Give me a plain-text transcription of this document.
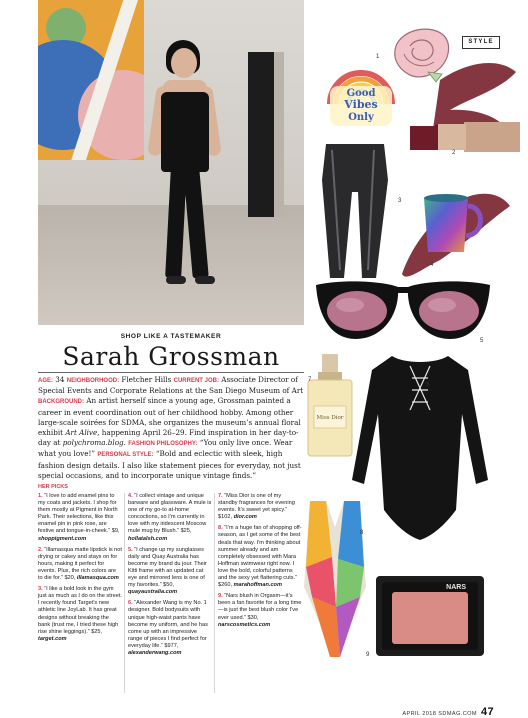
SHOP LIKE A TASTEMAKER
Sarah Grossman
AGE: 34 NEIGHBORHOOD: Fletcher Hills CURRENT JOB: Associate Director of Special Events and Corporate Relations at the San Diego Museum of Art BACKGROUND: An artist herself since a young age, Grossman painted a career in event coordination out of her childhood hobby. Among other large-scale soirées for SDMA, she organizes the museum’s annual floral exhibit Art Alive, happening April 26–29. Find inspiration in her day-to-day at polychroma.blog. FASHION PHILOSOPHY: “You only live once. Wear what you love!” PERSONAL STYLE: “Bold and eclectic with sleek, high fashion design details. I also like statement pieces for everyday, not just special occasions, and to incorporate unique vintage finds.”
HER PICKS

1. “I love to add enamel pins to my coats and jackets. I shop for them mostly at Pigment in North Park. Their selections, like this enamel pin in pink rose, are festive and tongue-in-cheek.” $9, shoppigment.com

2. “Illamasqua matte lipstick is not drying or cakey and stays on for hours, making it perfect for events. Plus, the rich colors are to die for.” $20, illamasqua.com

3. “I like a bold look in the gym just as much as I do on the street. I recently found Target’s new athletic line JoyLab. It has great designs without breaking the bank (trust me, I tried these high rise shine leggings).” $25, target.com

4. “I collect vintage and unique barware and glassware. A mule is one of my go-to at-home concoctions, so I’m currently in love with my iridescent Moscow mule mug by Blush.” $25, hollatalsh.com

5. “I change up my sunglasses daily and Quay Australia has become my brand du jour. Their Kitti frame with an updated cat eye and mirrored lens is one of my favorites.” $50, quayaustralia.com

6. “Alexander Wang is my No. 1 designer. Bold bodysuits with unique high-waist pants have become my uniform, and he has come up with an impressive range of pieces I find perfect for everyday life.” $977, alexanderwang.com

7. “Miss Dior is one of my standby fragrances for evening events. It’s sweet yet spicy.” $102, dior.com

8. “I’m a huge fan of shopping off-season, as I get some of the best deals that way. I’m thinking about summer already and am completely obsessed with Mara Hoffman swimwear right now. I love the bold, colorful patterns and the sexy yet flattering cuts.” $260, marahoffman.com

9. “Nars blush in Orgasm—it’s been a fan favorite for a long time—is just the best blush color I’ve ever used.” $30, narscosmetics.com

STYLE
Good
Vibes
Only
Miss Dior
NARS
1
2
3
4
5
6
7
8
9
APRIL 2018 SDMAG.COM 47
